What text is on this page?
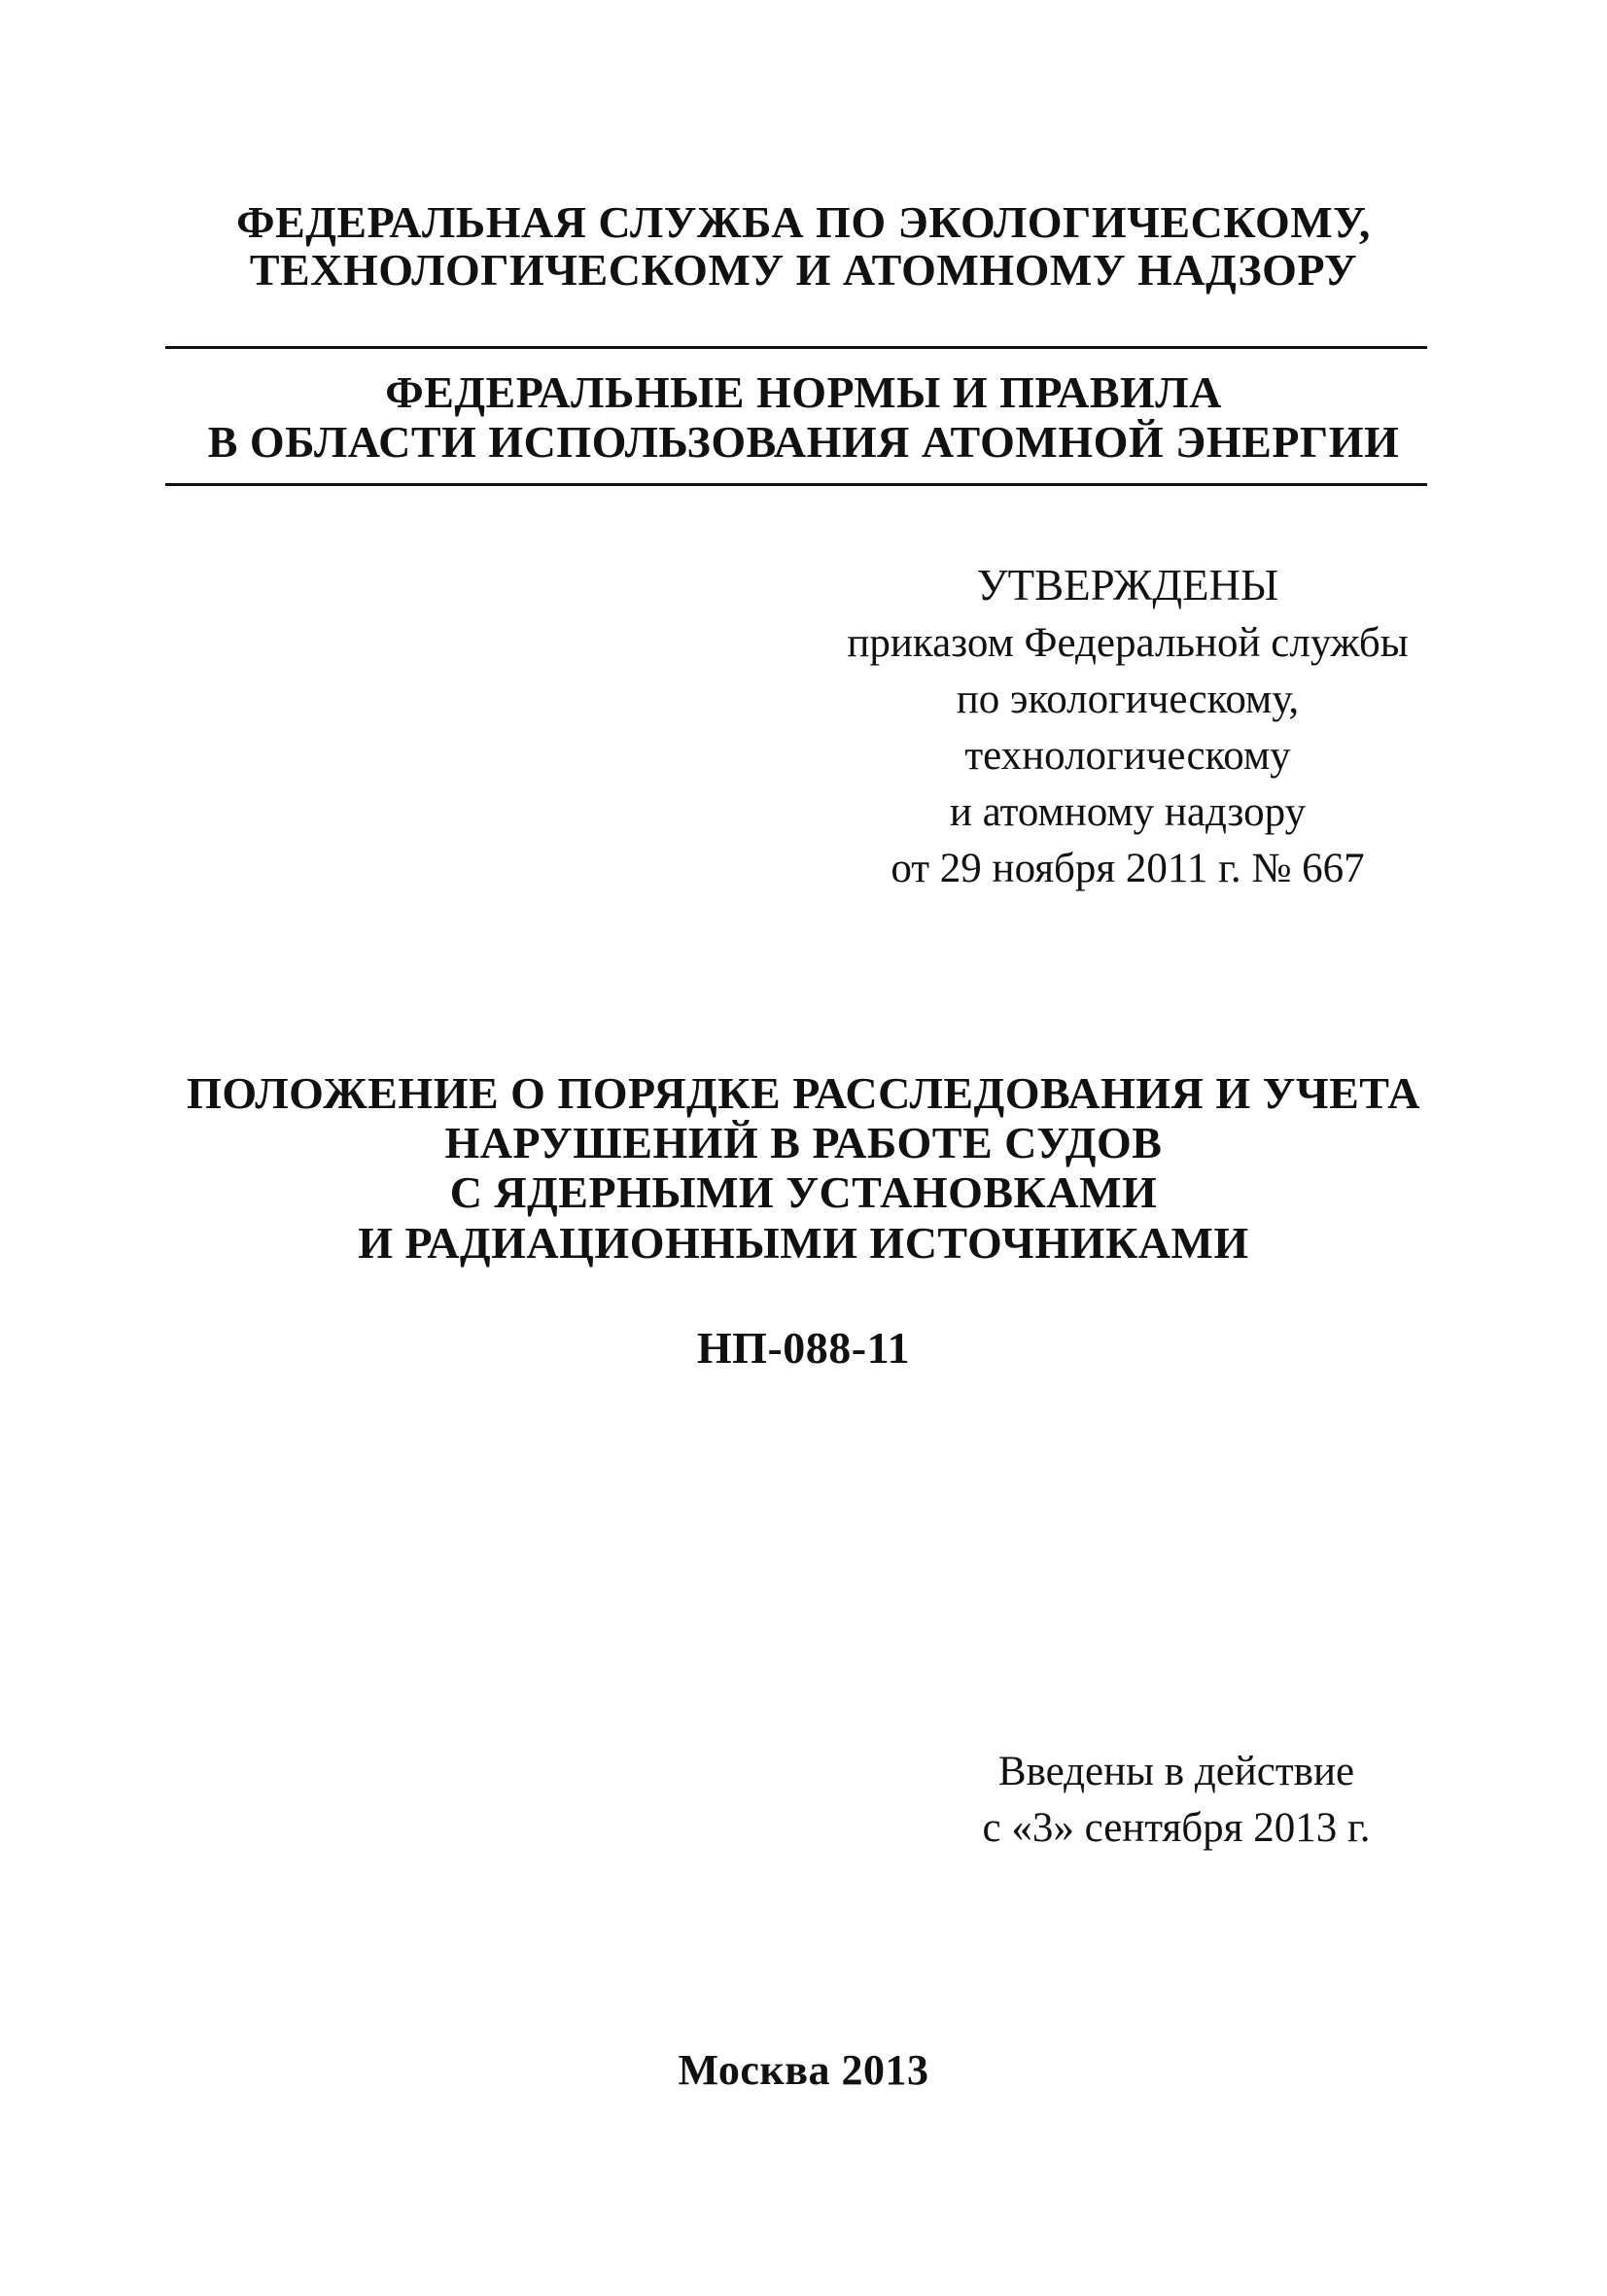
ФЕДЕРАЛЬНАЯ СЛУЖБА ПО ЭКОЛОГИЧЕСКОМУ,
ТЕХНОЛОГИЧЕСКОМУ И АТОМНОМУ НАДЗОРУ
ФЕДЕРАЛЬНЫЕ НОРМЫ И ПРАВИЛА
В ОБЛАСТИ ИСПОЛЬЗОВАНИЯ АТОМНОЙ ЭНЕРГИИ
УТВЕРЖДЕНЫ
приказом Федеральной службы
по экологическому,
технологическому
и атомному надзору
от 29 ноября 2011 г. № 667
ПОЛОЖЕНИЕ О ПОРЯДКЕ РАССЛЕДОВАНИЯ И УЧЕТА
НАРУШЕНИЙ В РАБОТЕ СУДОВ
С ЯДЕРНЫМИ УСТАНОВКАМИ
И РАДИАЦИОННЫМИ ИСТОЧНИКАМИ
НП-088-11
Введены в действие
с «3» сентября 2013 г.
Москва 2013
